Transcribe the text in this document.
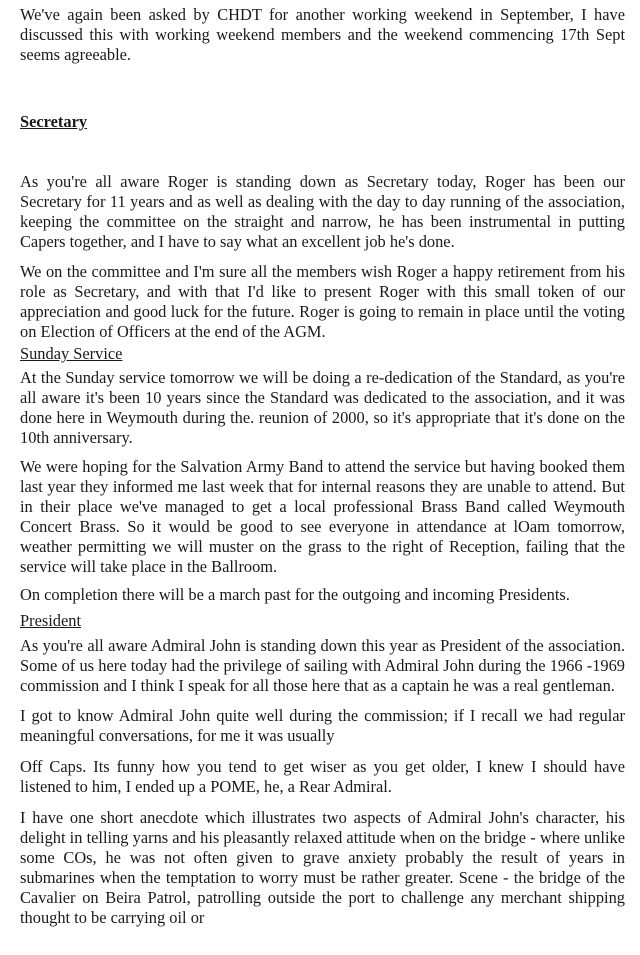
We've again been asked by CHDT for another working weekend in September, I have discussed this with working weekend members and the weekend commencing 17th Sept seems agreeable.

Secretary

As you're all aware Roger is standing down as Secretary today, Roger has been our Secretary for 11 years and as well as dealing with the day to day running of the association, keeping the committee on the straight and narrow, he has been instrumental in putting Capers together, and I have to say what an excellent job he's done.

We on the committee and I'm sure all the members wish Roger a happy retirement from his role as Secretary, and with that I'd like to present Roger with this small token of our appreciation and good luck for the future. Roger is going to remain in place until the voting on Election of Officers at the end of the AGM.

Sunday Service

At the Sunday service tomorrow we will be doing a re-dedication of the Standard, as you're all aware it's been 10 years since the Standard was dedicated to the association, and it was done here in Weymouth during the. reunion of 2000, so it's appropriate that it's done on the 10th anniversary.

We were hoping for the Salvation Army Band to attend the service but having booked them last year they informed me last week that for internal reasons they are unable to attend. But in their place we've managed to get a local professional Brass Band called Weymouth Concert Brass. So it would be good to see everyone in attendance at lOam tomorrow, weather permitting we will muster on the grass to the right of Reception, failing that the service will take place in the Ballroom.

On completion there will be a march past for the outgoing and incoming Presidents.

President

As you're all aware Admiral John is standing down this year as President of the association. Some of us here today had the privilege of sailing with Admiral John during the 1966 -1969 commission and I think I speak for all those here that as a captain he was a real gentleman.

I got to know Admiral John quite well during the commission; if I recall we had regular meaningful conversations, for me it was usually

Off Caps. Its funny how you tend to get wiser as you get older, I knew I should have listened to him, I ended up a POME, he, a Rear Admiral.

I have one short anecdote which illustrates two aspects of Admiral John's character, his delight in telling yarns and his pleasantly relaxed attitude when on the bridge - where unlike some COs, he was not often given to grave anxiety probably the result of years in submarines when the temptation to worry must be rather greater. Scene - the bridge of the Cavalier on Beira Patrol, patrolling outside the port to challenge any merchant shipping thought to be carrying oil or
